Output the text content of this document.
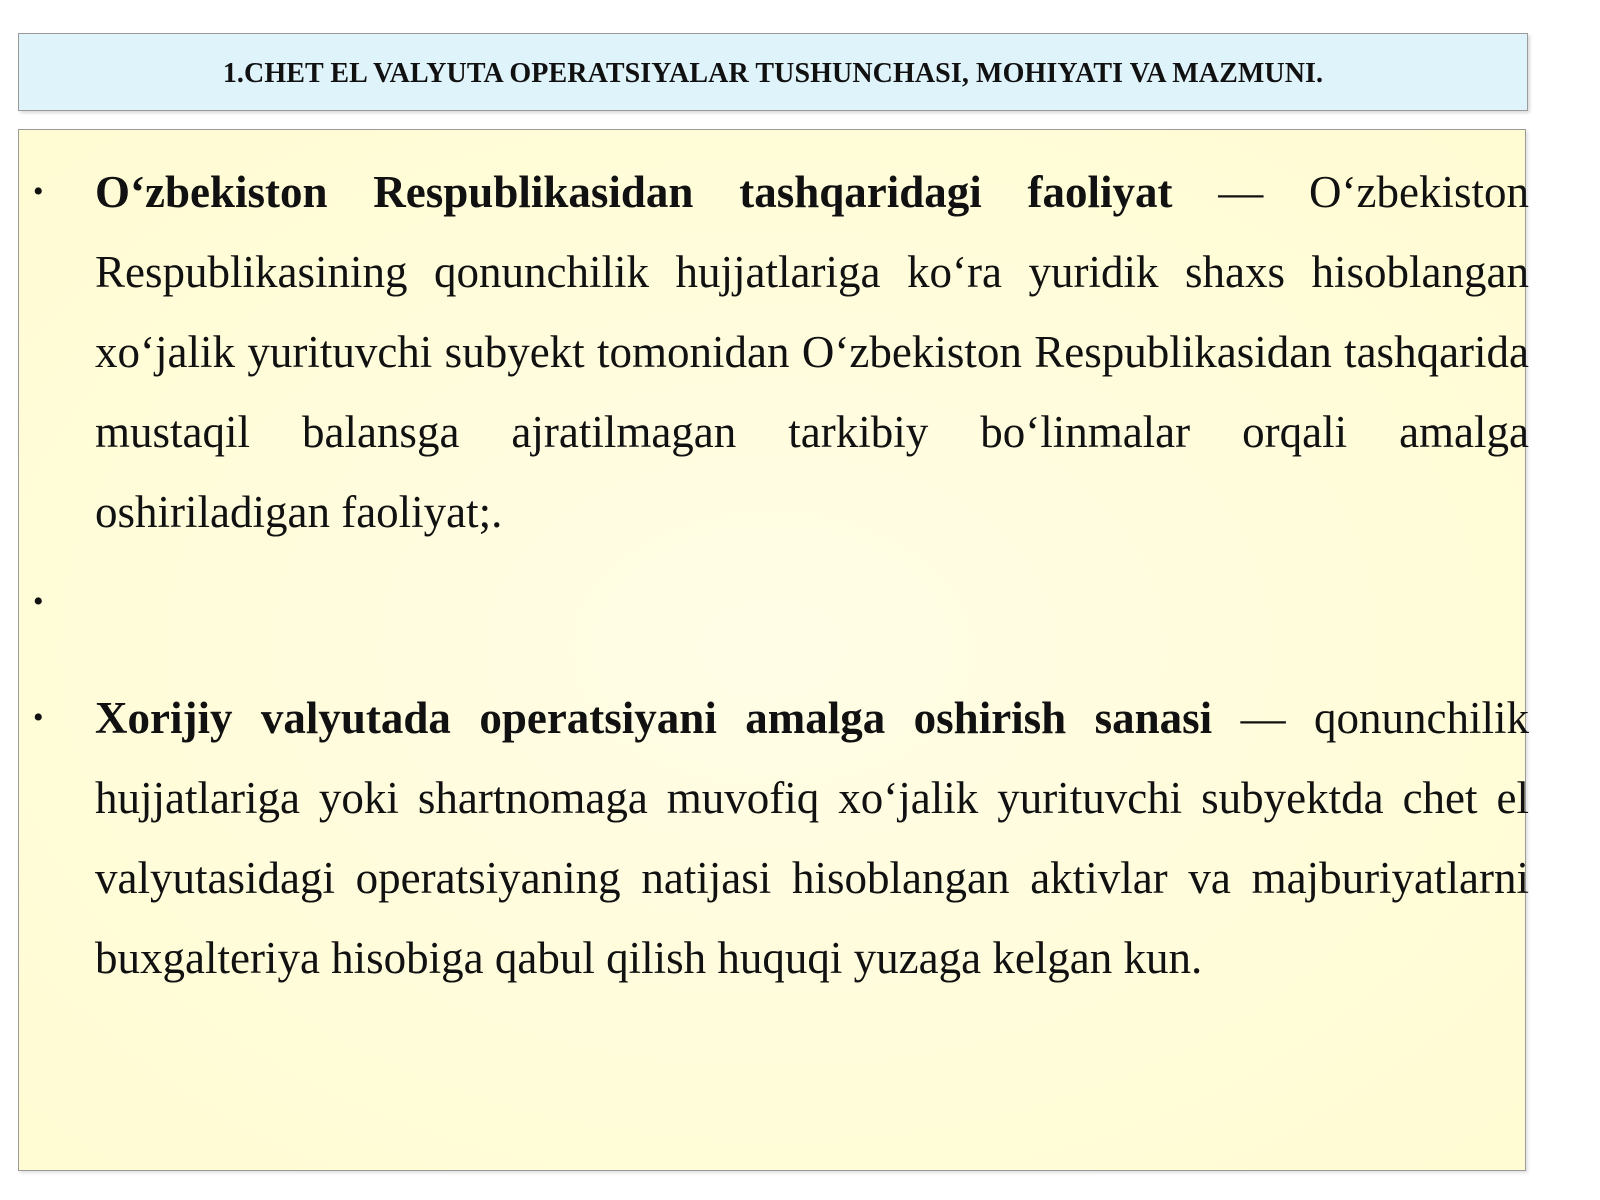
1.CHET EL VALYUTA OPERATSIYALAR TUSHUNCHASI, MOHIYATI VA MAZMUNI.
• O‘zbekiston Respublikasidan tashqaridagi faoliyat — O‘zbekiston Respublikasining qonunchilik hujjatlariga ko‘ra yuridik shaxs hisoblangan xo‘jalik yurituvchi subyekt tomonidan O‘zbekiston Respublikasidan tashqarida mustaqil balansga ajratilmagan tarkibiy bo‘linmalar orqali amalga oshiriladigan faoliyat;.
•
• Xorijiy valyutada operatsiyani amalga oshirish sanasi — qonunchilik hujjatlariga yoki shartnomaga muvofiq xo‘jalik yurituvchi subyektda chet el valyutasidagi operatsiyaning natijasi hisoblangan aktivlar va majburiyatlarni buxgalteriya hisobiga qabul qilish huquqi yuzaga kelgan kun.
